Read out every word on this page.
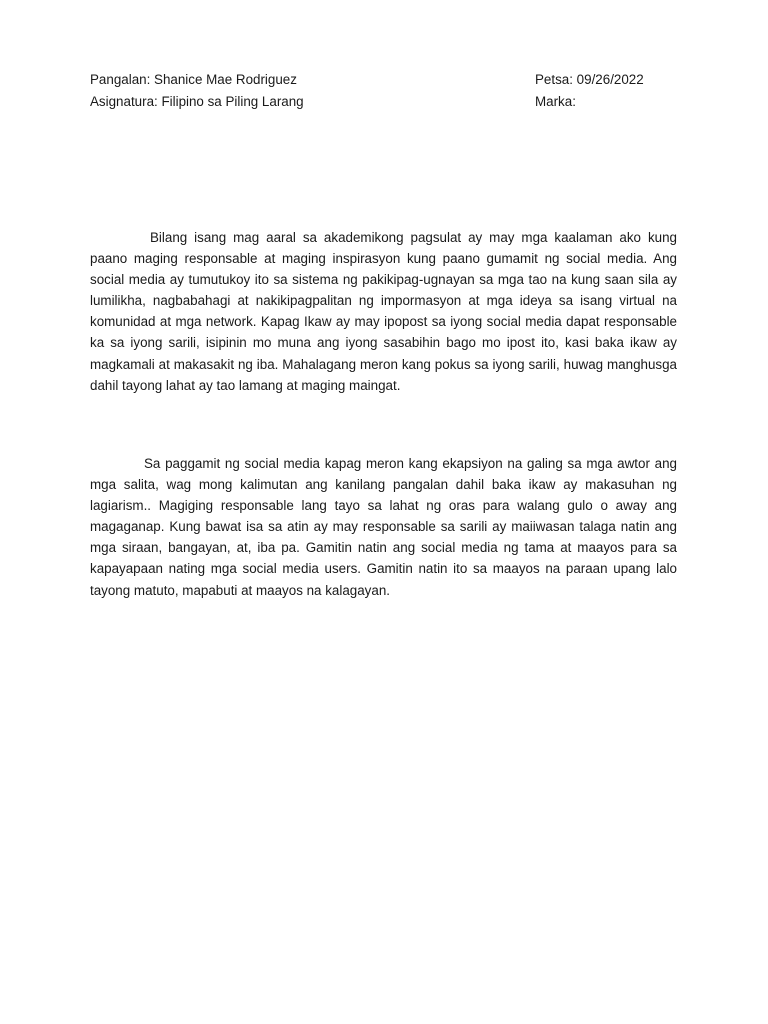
Pangalan: Shanice Mae Rodriguez	Petsa: 09/26/2022
Asignatura: Filipino sa Piling Larang	Marka:

Bilang isang mag aaral sa akademikong pagsulat ay may mga kaalaman ako kung paano maging responsable at maging inspirasyon kung paano gumamit ng social media. Ang social media ay tumutukoy ito sa sistema ng pakikipag-ugnayan sa mga tao na kung saan sila ay lumilikha, nagbabahagi at nakikipagpalitan ng impormasyon at mga ideya sa isang virtual na komunidad at mga network. Kapag Ikaw ay may ipopost sa iyong social media dapat responsable ka sa iyong sarili, isipinin mo muna ang iyong sasabihin bago mo ipost ito, kasi baka ikaw ay magkamali at makasakit ng iba. Mahalagang meron kang pokus sa iyong sarili, huwag manghusga dahil tayong lahat ay tao lamang at maging maingat.

Sa paggamit ng social media kapag meron kang ekapsiyon na galing sa mga awtor ang mga salita, wag mong kalimutan ang kanilang pangalan dahil baka ikaw ay makasuhan ng lagiarism.. Magiging responsable lang tayo sa lahat ng oras para walang gulo o away ang magaganap. Kung bawat isa sa atin ay may responsable sa sarili ay maiiwasan talaga natin ang mga siraan, bangayan, at, iba pa. Gamitin natin ang social media ng tama at maayos para sa kapayapaan nating mga social media users. Gamitin natin ito sa maayos na paraan upang lalo tayong matuto, mapabuti at maayos na kalagayan.
